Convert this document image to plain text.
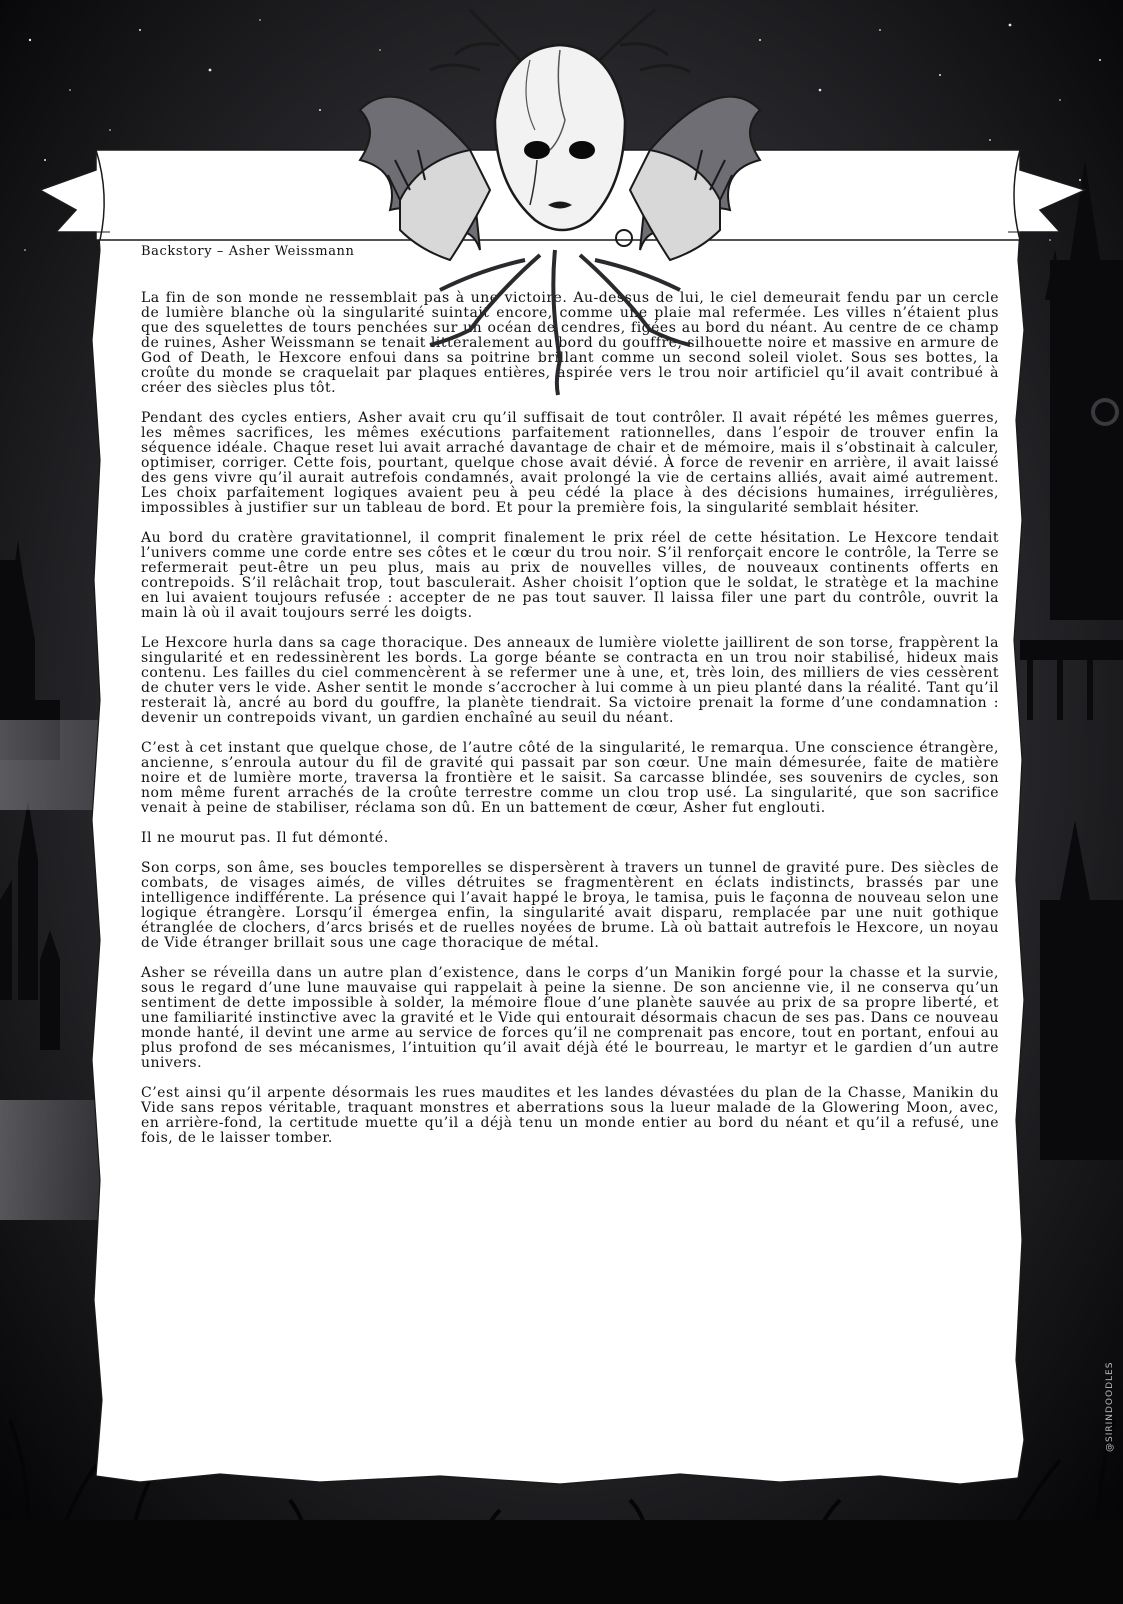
Backstory – Asher Weissmann

La fin de son monde ne ressemblait pas à une victoire. Au-dessus de lui, le ciel demeurait fendu par un cercle de lumière blanche où la singularité suintait encore, comme une plaie mal refermée. Les villes n’étaient plus que des squelettes de tours penchées sur un océan de cendres, figées au bord du néant. Au centre de ce champ de ruines, Asher Weissmann se tenait littéralement au bord du gouffre, silhouette noire et massive en armure de God of Death, le Hexcore enfoui dans sa poitrine brillant comme un second soleil violet. Sous ses bottes, la croûte du monde se craquelait par plaques entières, aspirée vers le trou noir artificiel qu’il avait contribué à créer des siècles plus tôt.

Pendant des cycles entiers, Asher avait cru qu’il suffisait de tout contrôler. Il avait répété les mêmes guerres, les mêmes sacrifices, les mêmes exécutions parfaitement rationnelles, dans l’espoir de trouver enfin la séquence idéale. Chaque reset lui avait arraché davantage de chair et de mémoire, mais il s’obstinait à calculer, optimiser, corriger. Cette fois, pourtant, quelque chose avait dévié. À force de revenir en arrière, il avait laissé des gens vivre qu’il aurait autrefois condamnés, avait prolongé la vie de certains alliés, avait aimé autrement. Les choix parfaitement logiques avaient peu à peu cédé la place à des décisions humaines, irrégulières, impossibles à justifier sur un tableau de bord. Et pour la première fois, la singularité semblait hésiter.

Au bord du cratère gravitationnel, il comprit finalement le prix réel de cette hésitation. Le Hexcore tendait l’univers comme une corde entre ses côtes et le cœur du trou noir. S’il renforçait encore le contrôle, la Terre se refermerait peut-être un peu plus, mais au prix de nouvelles villes, de nouveaux continents offerts en contrepoids. S’il relâchait trop, tout basculerait. Asher choisit l’option que le soldat, le stratège et la machine en lui avaient toujours refusée : accepter de ne pas tout sauver. Il laissa filer une part du contrôle, ouvrit la main là où il avait toujours serré les doigts.

Le Hexcore hurla dans sa cage thoracique. Des anneaux de lumière violette jaillirent de son torse, frappèrent la singularité et en redessinèrent les bords. La gorge béante se contracta en un trou noir stabilisé, hideux mais contenu. Les failles du ciel commencèrent à se refermer une à une, et, très loin, des milliers de vies cessèrent de chuter vers le vide. Asher sentit le monde s’accrocher à lui comme à un pieu planté dans la réalité. Tant qu’il resterait là, ancré au bord du gouffre, la planète tiendrait. Sa victoire prenait la forme d’une condamnation : devenir un contrepoids vivant, un gardien enchaîné au seuil du néant.

C’est à cet instant que quelque chose, de l’autre côté de la singularité, le remarqua. Une conscience étrangère, ancienne, s’enroula autour du fil de gravité qui passait par son cœur. Une main démesurée, faite de matière noire et de lumière morte, traversa la frontière et le saisit. Sa carcasse blindée, ses souvenirs de cycles, son nom même furent arrachés de la croûte terrestre comme un clou trop usé. La singularité, que son sacrifice venait à peine de stabiliser, réclama son dû. En un battement de cœur, Asher fut englouti.

Il ne mourut pas. Il fut démonté.

Son corps, son âme, ses boucles temporelles se dispersèrent à travers un tunnel de gravité pure. Des siècles de combats, de visages aimés, de villes détruites se fragmentèrent en éclats indistincts, brassés par une intelligence indifférente. La présence qui l’avait happé le broya, le tamisa, puis le façonna de nouveau selon une logique étrangère. Lorsqu’il émergea enfin, la singularité avait disparu, remplacée par une nuit gothique étranglée de clochers, d’arcs brisés et de ruelles noyées de brume. Là où battait autrefois le Hexcore, un noyau de Vide étranger brillait sous une cage thoracique de métal.

Asher se réveilla dans un autre plan d’existence, dans le corps d’un Manikin forgé pour la chasse et la survie, sous le regard d’une lune mauvaise qui rappelait à peine la sienne. De son ancienne vie, il ne conserva qu’un sentiment de dette impossible à solder, la mémoire floue d’une planète sauvée au prix de sa propre liberté, et une familiarité instinctive avec la gravité et le Vide qui entourait désormais chacun de ses pas. Dans ce nouveau monde hanté, il devint une arme au service de forces qu’il ne comprenait pas encore, tout en portant, enfoui au plus profond de ses mécanismes, l’intuition qu’il avait déjà été le bourreau, le martyr et le gardien d’un autre univers.

C’est ainsi qu’il arpente désormais les rues maudites et les landes dévastées du plan de la Chasse, Manikin du Vide sans repos véritable, traquant monstres et aberrations sous la lueur malade de la Glowering Moon, avec, en arrière-fond, la certitude muette qu’il a déjà tenu un monde entier au bord du néant et qu’il a refusé, une fois, de le laisser tomber.

@SIRINDOODLES
